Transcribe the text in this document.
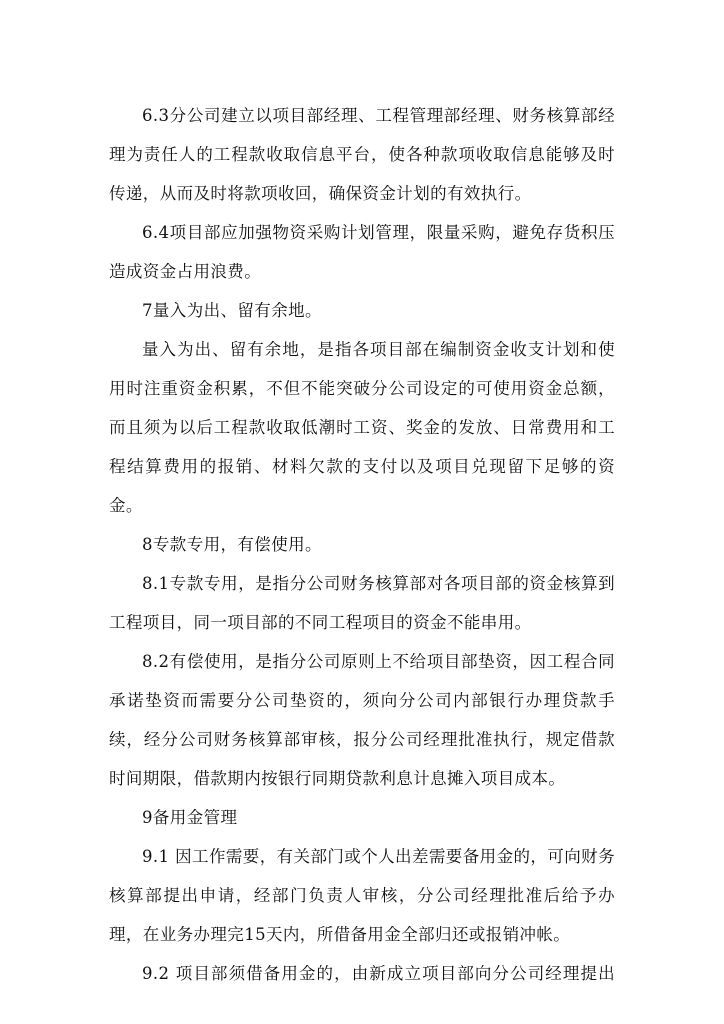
6.3分公司建立以项目部经理、工程管理部经理、财务核算部经理为责任人的工程款收取信息平台，使各种款项收取信息能够及时传递，从而及时将款项收回，确保资金计划的有效执行。

6.4项目部应加强物资采购计划管理，限量采购，避免存货积压造成资金占用浪费。

7量入为出、留有余地。

量入为出、留有余地，是指各项目部在编制资金收支计划和使用时注重资金积累，不但不能突破分公司设定的可使用资金总额，而且须为以后工程款收取低潮时工资、奖金的发放、日常费用和工程结算费用的报销、材料欠款的支付以及项目兑现留下足够的资金。

8专款专用，有偿使用。

8.1专款专用，是指分公司财务核算部对各项目部的资金核算到工程项目，同一项目部的不同工程项目的资金不能串用。

8.2有偿使用，是指分公司原则上不给项目部垫资，因工程合同承诺垫资而需要分公司垫资的，须向分公司内部银行办理贷款手续，经分公司财务核算部审核，报分公司经理批准执行，规定借款时间期限，借款期内按银行同期贷款利息计息摊入项目成本。

9备用金管理

9.1 因工作需要，有关部门或个人出差需要备用金的，可向财务核算部提出申请，经部门负责人审核，分公司经理批准后给予办理，在业务办理完15天内，所借备用金全部归还或报销冲帐。

9.2 项目部须借备用金的，由新成立项目部向分公司经理提出
